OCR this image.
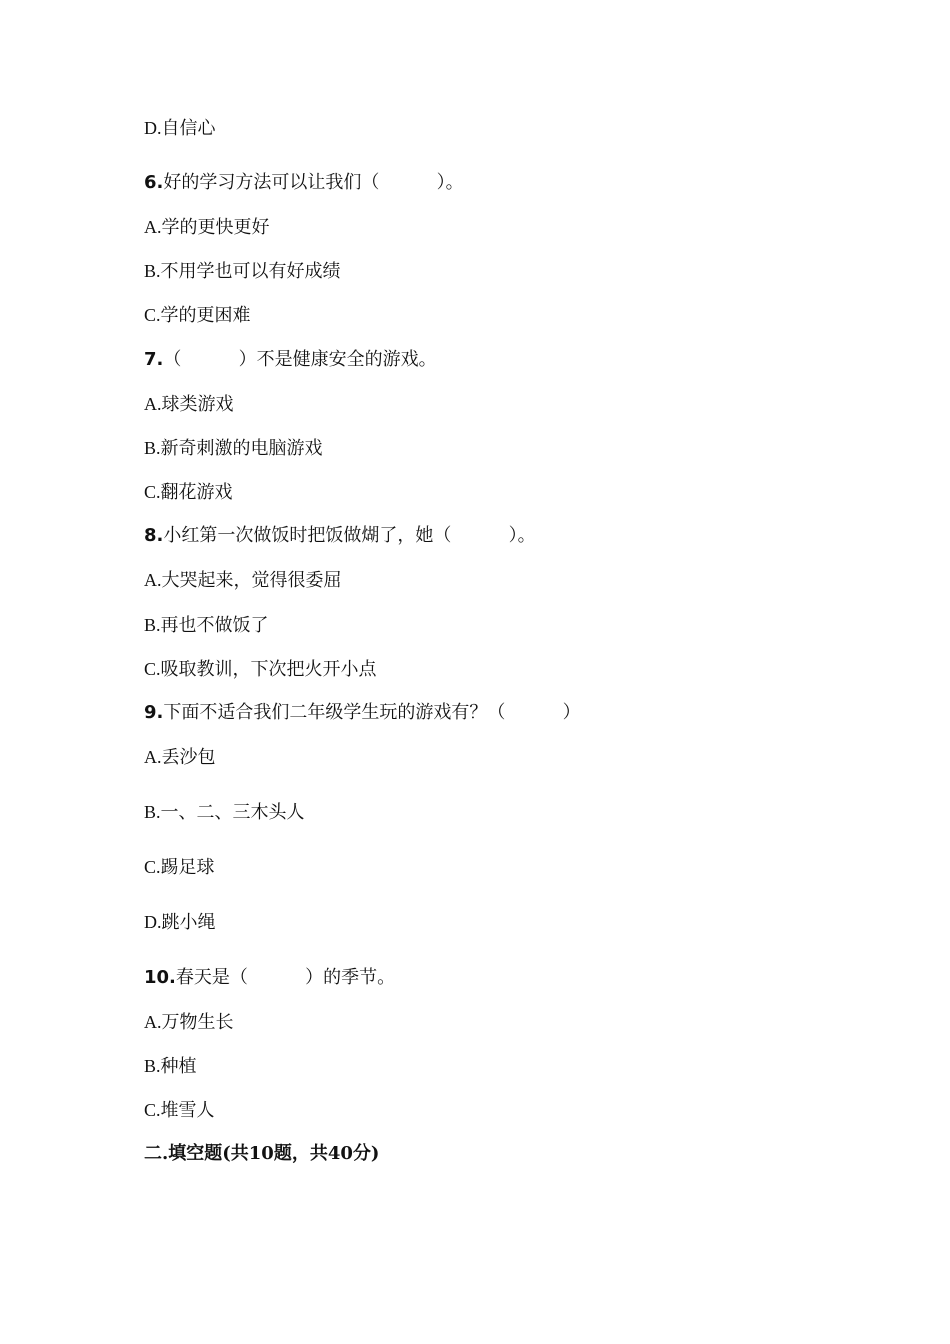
D.自信心
6.好的学习方法可以让我们（          ）。
A.学的更快更好
B.不用学也可以有好成绩
C.学的更困难
7.（          ）不是健康安全的游戏。
A.球类游戏
B.新奇刺激的电脑游戏
C.翻花游戏
8.小红第一次做饭时把饭做煳了，她（          ）。
A.大哭起来，觉得很委屈
B.再也不做饭了
C.吸取教训，下次把火开小点
9.下面不适合我们二年级学生玩的游戏有？（          ）
A.丢沙包
B.一、二、三木头人
C.踢足球
D.跳小绳
10.春天是（          ）的季节。
A.万物生长
B.种植
C.堆雪人
二.填空题(共10题，共40分)
